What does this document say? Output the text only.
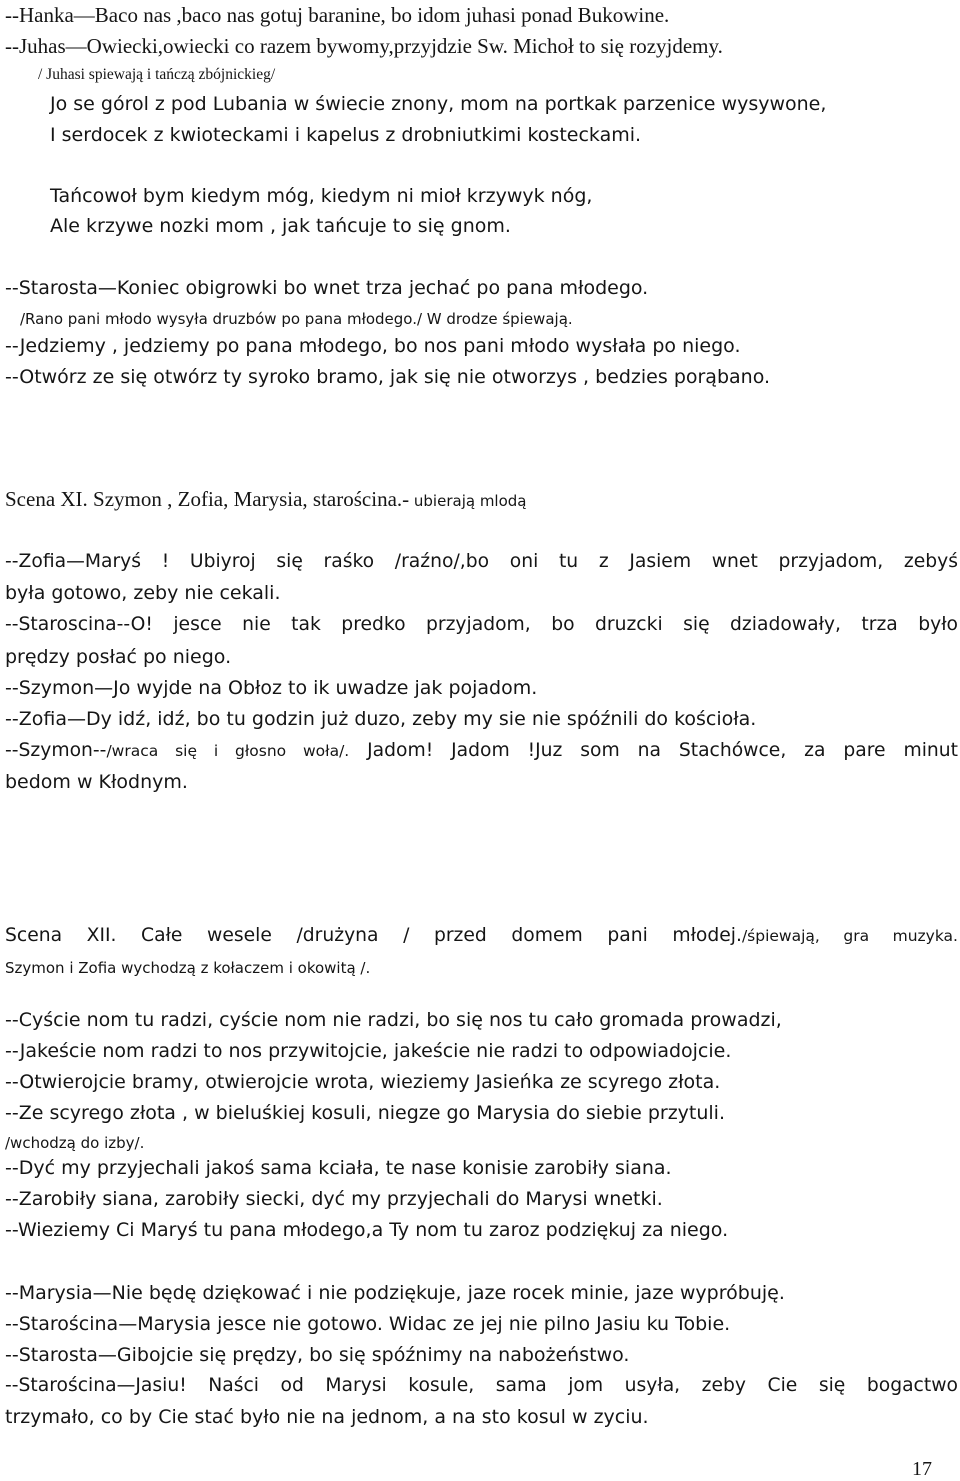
--Hanka—Baco nas ,baco nas gotuj baranine, bo idom juhasi ponad Bukowine.
--Juhas—Owiecki,owiecki co razem bywomy,przyjdzie Sw. Michoł to się rozyjdemy.
/ Juhasi spiewają i tańczą zbójnickieg/
Jo se górol z pod Lubania w świecie znony, mom na portkak parzenice wysywone,
I serdocek z kwioteckami i kapelus z drobniutkimi kosteckami.
Tańcowoł bym kiedym móg, kiedym ni mioł krzywyk nóg,
Ale krzywe nozki mom , jak tańcuje to się gnom.
--Starosta—Koniec obigrowki bo wnet trza jechać po pana młodego.
/Rano pani młodo wysyła druzbów po pana młodego./ W drodze śpiewają.
--Jedziemy , jedziemy po pana młodego, bo nos pani młodo wysłała po niego.
--Otwórz ze się otwórz ty syroko bramo, jak się nie otworzys , bedzies porąbano.
Scena XI. Szymon , Zofia, Marysia, starościna.- ubierają mlodą
--Zofia—Maryś ! Ubiyroj się raśko /raźno/,bo oni tu z Jasiem wnet przyjadom, zebyś
była gotowo, zeby nie cekali.
--Staroscina--O! jesce nie tak predko przyjadom, bo druzcki się dziadowały, trza było
prędzy posłać po niego.
--Szymon—Jo wyjde na Obłoz to ik uwadze jak pojadom.
--Zofia—Dy idź, idź, bo tu godzin już duzo, zeby my sie nie spóźnili do kościoła.
--Szymon--/wraca się i głosno woła/. Jadom! Jadom !Juz som na Stachówce, za pare minut
bedom w Kłodnym.
Scena XII. Całe wesele /drużyna / przed domem pani młodej./śpiewają, gra muzyka.
Szymon i Zofia wychodzą z kołaczem i okowitą /.
--Cyście nom tu radzi, cyście nom nie radzi, bo się nos tu cało gromada prowadzi,
--Jakeście nom radzi to nos przywitojcie, jakeście nie radzi to odpowiadojcie.
--Otwierojcie bramy, otwierojcie wrota, wieziemy Jasieńka ze scyrego złota.
--Ze scyrego złota , w bieluśkiej kosuli, niegze go Marysia do siebie przytuli.
/wchodzą do izby/.
--Dyć my przyjechali jakoś sama kciała, te nase konisie zarobiły siana.
--Zarobiły siana, zarobiły siecki, dyć my przyjechali do Marysi wnetki.
--Wieziemy Ci Maryś tu pana młodego,a Ty nom tu zaroz podziękuj za niego.
--Marysia—Nie będę dziękować i nie podziękuje, jaze rocek minie, jaze wypróbuję.
--Starościna—Marysia jesce nie gotowo. Widac ze jej nie pilno Jasiu ku Tobie.
--Starosta—Gibojcie się prędzy, bo się spóźnimy na nabożeństwo.
--Starościna—Jasiu! Naści od Marysi kosule, sama jom usyła, zeby Cie się bogactwo
trzymało, co by Cie stać było nie na jednom, a na sto kosul w zyciu.
17
